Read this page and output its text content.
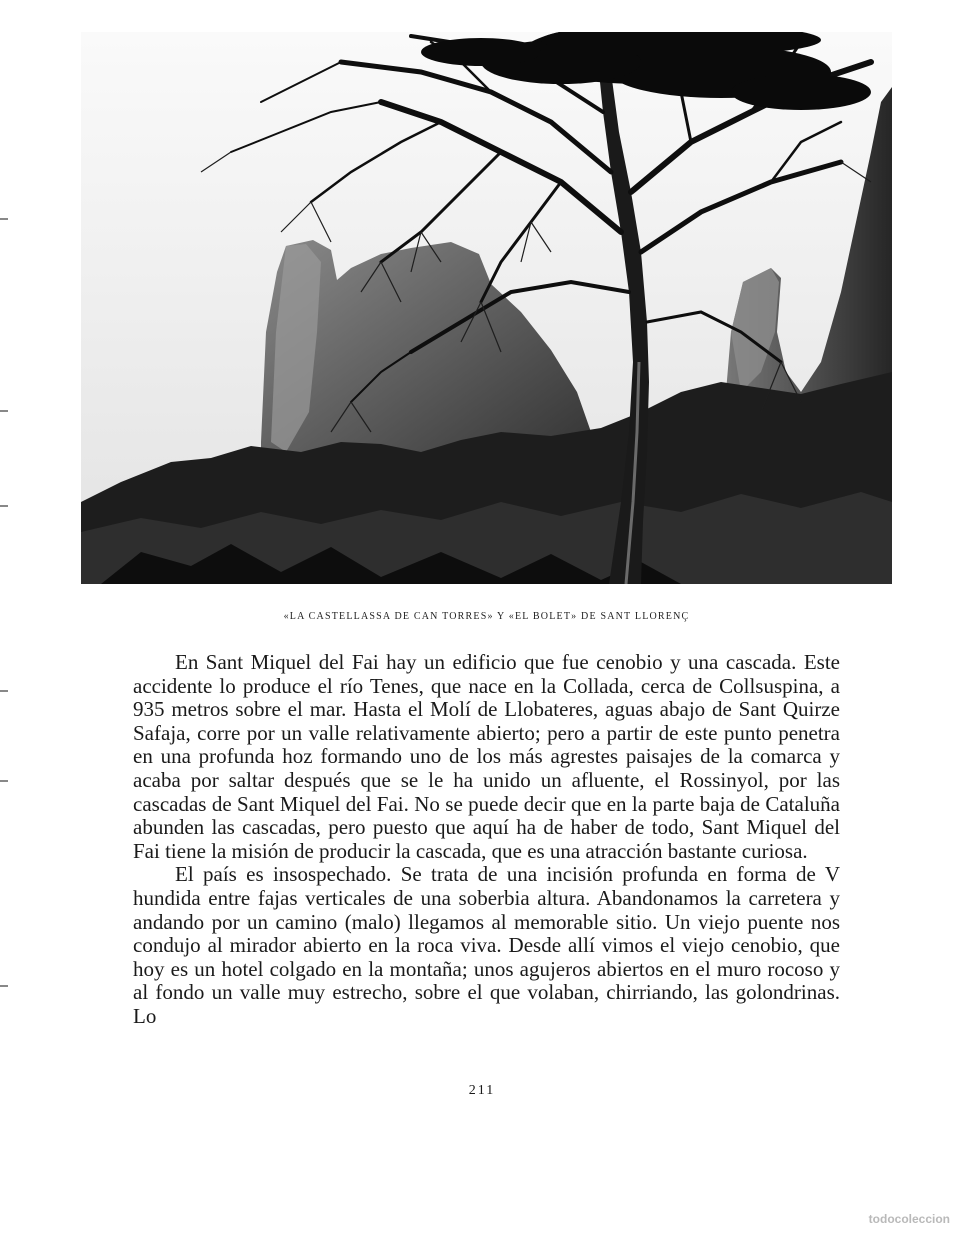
«LA CASTELLASSA DE CAN TORRES» Y «EL BOLET» DE SANT LLORENÇ

En Sant Miquel del Fai hay un edificio que fue cenobio y una cascada. Este accidente lo produce el río Tenes, que nace en la Collada, cerca de Collsuspina, a 935 metros sobre el mar. Hasta el Molí de Llobateres, aguas abajo de Sant Quirze Safaja, corre por un valle relativamente abierto; pero a partir de este punto penetra en una profunda hoz formando uno de los más agrestes paisajes de la comarca y acaba por saltar después que se le ha unido un afluente, el Rossinyol, por las cascadas de Sant Miquel del Fai. No se puede decir que en la parte baja de Cataluña abunden las cascadas, pero puesto que aquí ha de haber de todo, Sant Miquel del Fai tiene la misión de producir la cascada, que es una atracción bastante curiosa.

El país es insospechado. Se trata de una incisión profunda en forma de V hundida entre fajas verticales de una soberbia altura. Abandonamos la carretera y andando por un camino (malo) llegamos al memorable sitio. Un viejo puente nos condujo al mirador abierto en la roca viva. Desde allí vimos el viejo cenobio, que hoy es un hotel colgado en la montaña; unos agujeros abiertos en el muro rocoso y al fondo un valle muy estrecho, sobre el que volaban, chirriando, las golondrinas. Lo

211
todocoleccion
